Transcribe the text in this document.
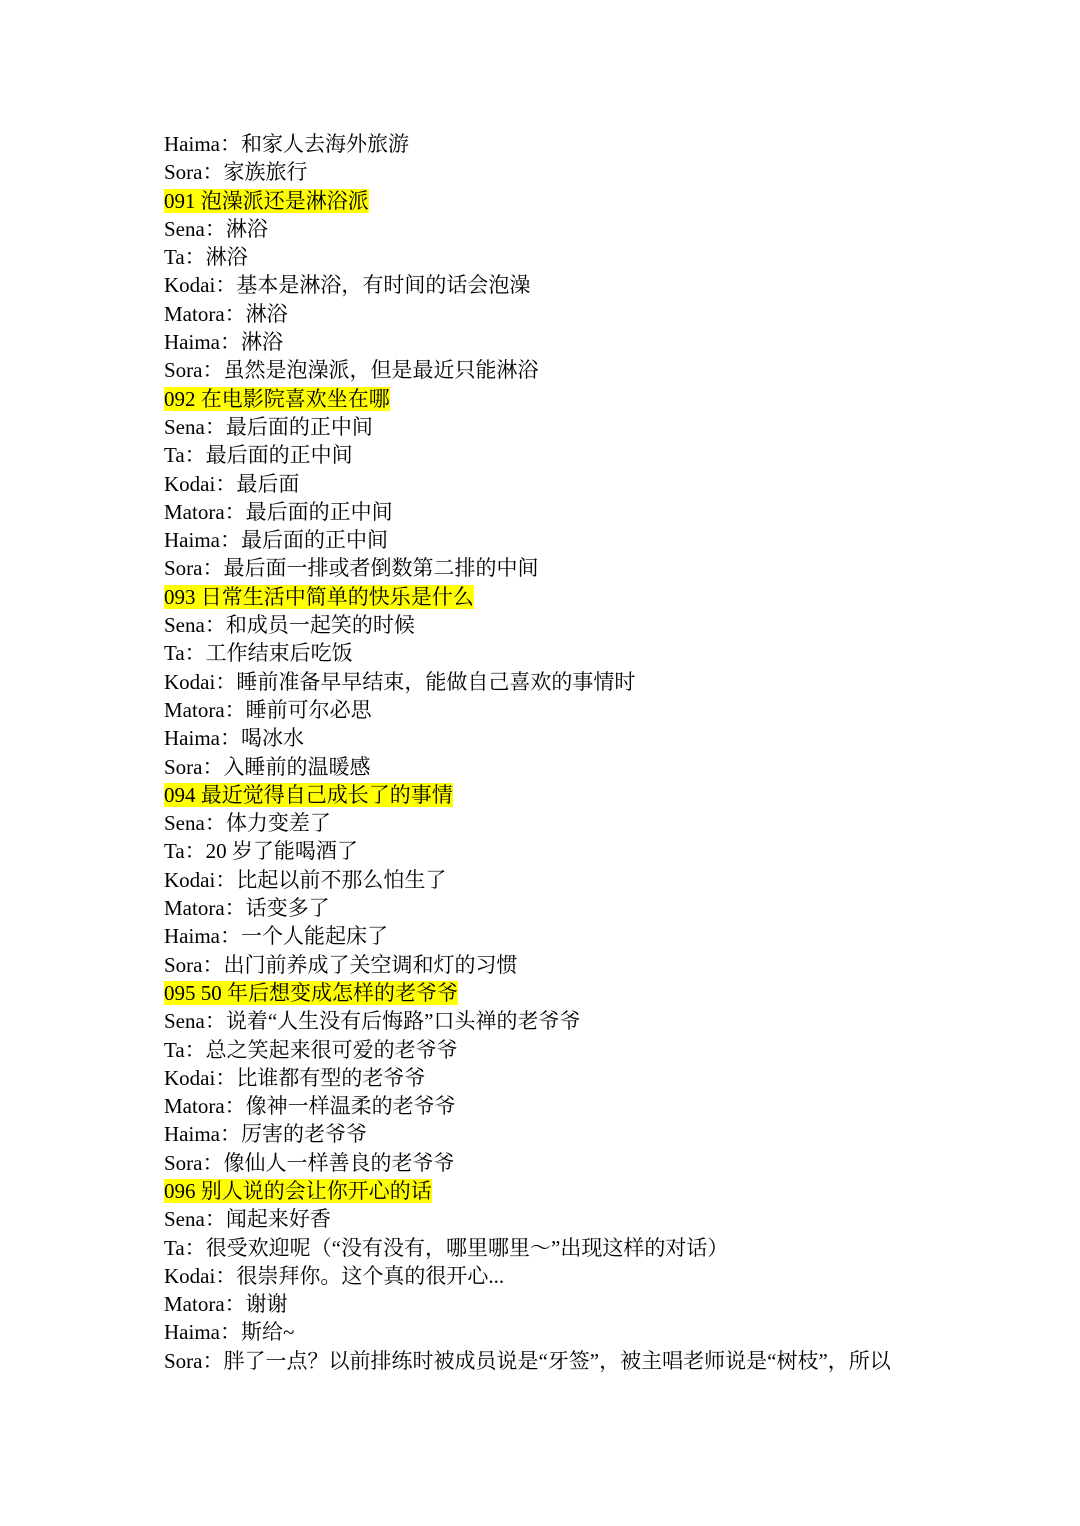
Haima：和家人去海外旅游
Sora：家族旅行
091 泡澡派还是淋浴派
Sena：淋浴
Ta：淋浴
Kodai：基本是淋浴，有时间的话会泡澡
Matora：淋浴
Haima：淋浴
Sora：虽然是泡澡派，但是最近只能淋浴
092 在电影院喜欢坐在哪
Sena：最后面的正中间
Ta：最后面的正中间
Kodai：最后面
Matora：最后面的正中间
Haima：最后面的正中间
Sora：最后面一排或者倒数第二排的中间
093 日常生活中简单的快乐是什么
Sena：和成员一起笑的时候
Ta：工作结束后吃饭
Kodai：睡前准备早早结束，能做自己喜欢的事情时
Matora：睡前可尔必思
Haima：喝冰水
Sora：入睡前的温暖感
094 最近觉得自己成长了的事情
Sena：体力变差了
Ta：20 岁了能喝酒了
Kodai：比起以前不那么怕生了
Matora：话变多了
Haima：一个人能起床了
Sora：出门前养成了关空调和灯的习惯
095 50 年后想变成怎样的老爷爷
Sena：说着“人生没有后悔路”口头禅的老爷爷
Ta：总之笑起来很可爱的老爷爷
Kodai：比谁都有型的老爷爷
Matora：像神一样温柔的老爷爷
Haima：厉害的老爷爷
Sora：像仙人一样善良的老爷爷
096 别人说的会让你开心的话
Sena：闻起来好香
Ta：很受欢迎呢（“没有没有，哪里哪里～”出现这样的对话）
Kodai：很崇拜你。这个真的很开心...
Matora：谢谢
Haima：斯给~
Sora：胖了一点？以前排练时被成员说是“牙签”，被主唱老师说是“树枝”，所以
